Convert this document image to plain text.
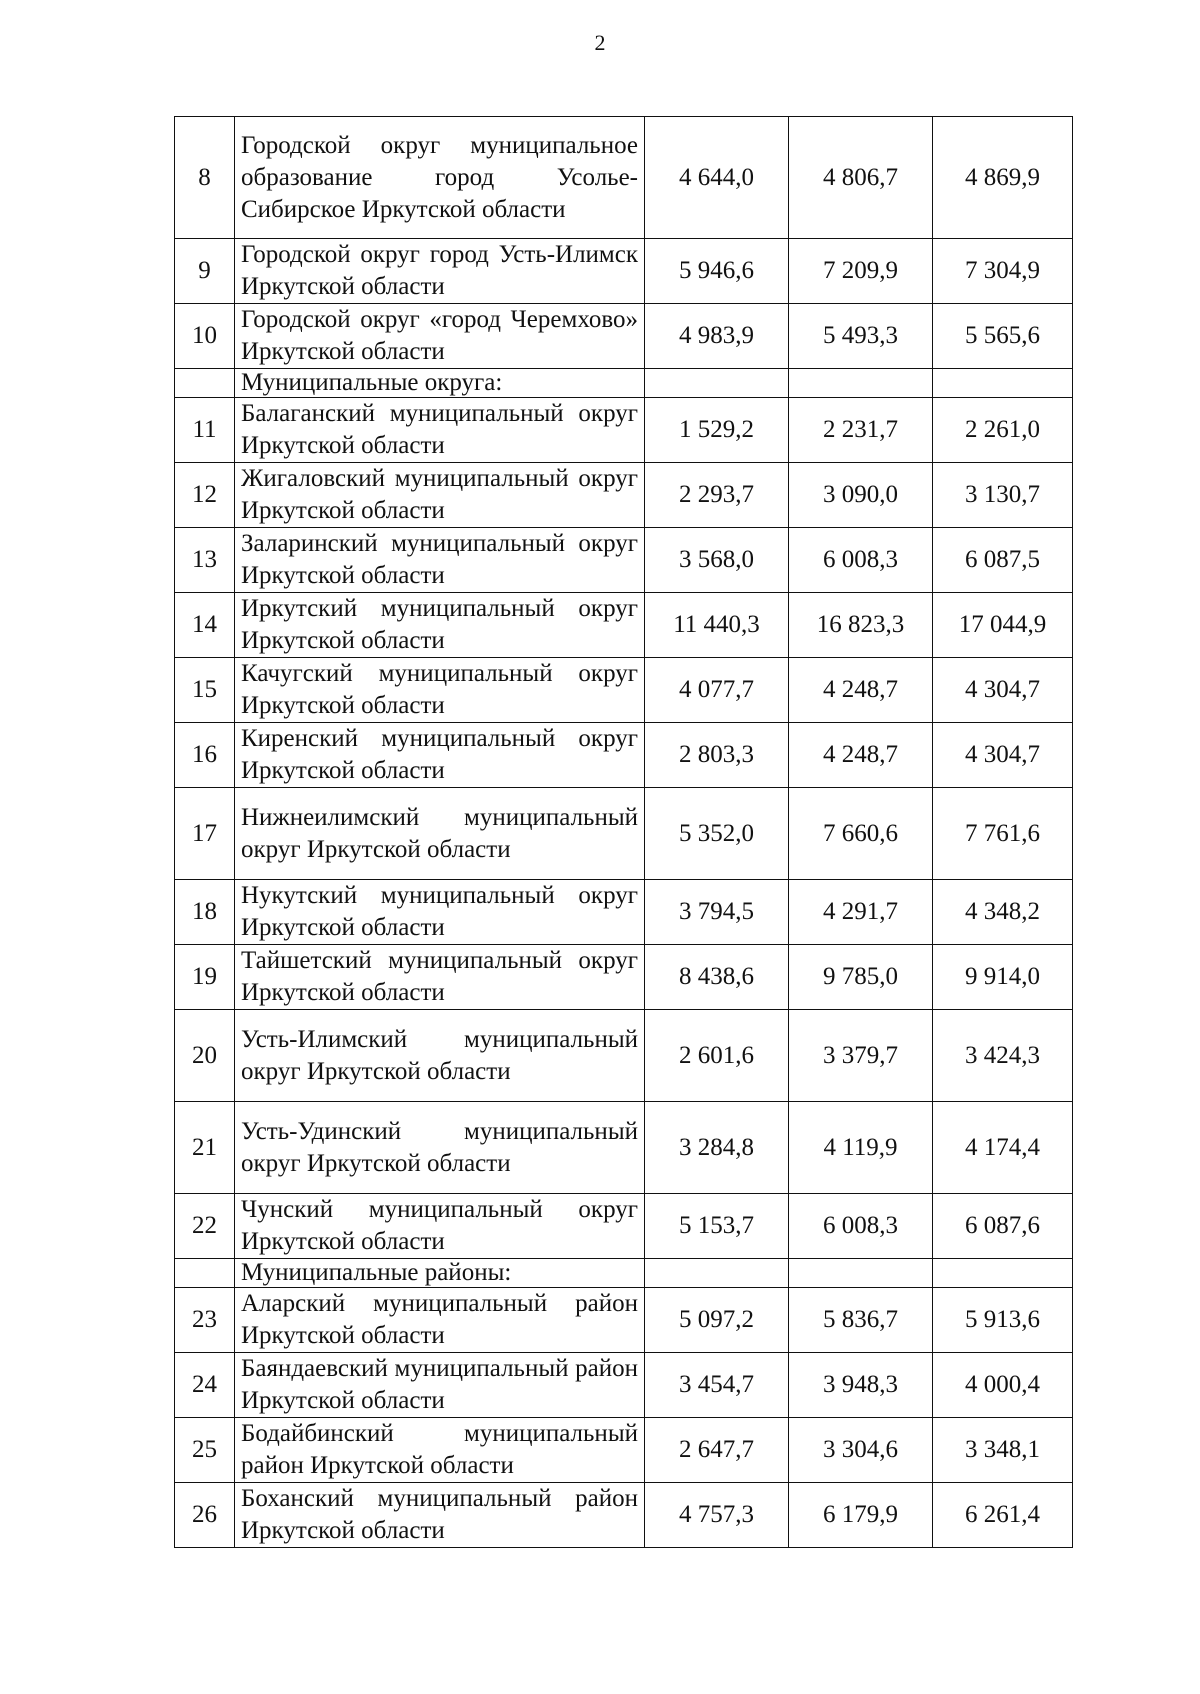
2
8	Городской округ муниципальное образование город Усолье-Сибирское Иркутской области	4 644,0	4 806,7	4 869,9
9	Городской округ город Усть-Илимск Иркутской области	5 946,6	7 209,9	7 304,9
10	Городской округ «город Черемхово» Иркутской области	4 983,9	5 493,3	5 565,6
	Муниципальные округа:			
11	Балаганский муниципальный округ Иркутской области	1 529,2	2 231,7	2 261,0
12	Жигаловский муниципальный округ Иркутской области	2 293,7	3 090,0	3 130,7
13	Заларинский муниципальный округ Иркутской области	3 568,0	6 008,3	6 087,5
14	Иркутский муниципальный округ Иркутской области	11 440,3	16 823,3	17 044,9
15	Качугский муниципальный округ Иркутской области	4 077,7	4 248,7	4 304,7
16	Киренский муниципальный округ Иркутской области	2 803,3	4 248,7	4 304,7
17	Нижнеилимский муниципальный округ Иркутской области	5 352,0	7 660,6	7 761,6
18	Нукутский муниципальный округ Иркутской области	3 794,5	4 291,7	4 348,2
19	Тайшетский муниципальный округ Иркутской области	8 438,6	9 785,0	9 914,0
20	Усть-Илимский муниципальный округ Иркутской области	2 601,6	3 379,7	3 424,3
21	Усть-Удинский муниципальный округ Иркутской области	3 284,8	4 119,9	4 174,4
22	Чунский муниципальный округ Иркутской области	5 153,7	6 008,3	6 087,6
	Муниципальные районы:			
23	Аларский муниципальный район Иркутской области	5 097,2	5 836,7	5 913,6
24	Баяндаевский муниципальный район Иркутской области	3 454,7	3 948,3	4 000,4
25	Бодайбинский муниципальный район Иркутской области	2 647,7	3 304,6	3 348,1
26	Боханский муниципальный район Иркутской области	4 757,3	6 179,9	6 261,4
